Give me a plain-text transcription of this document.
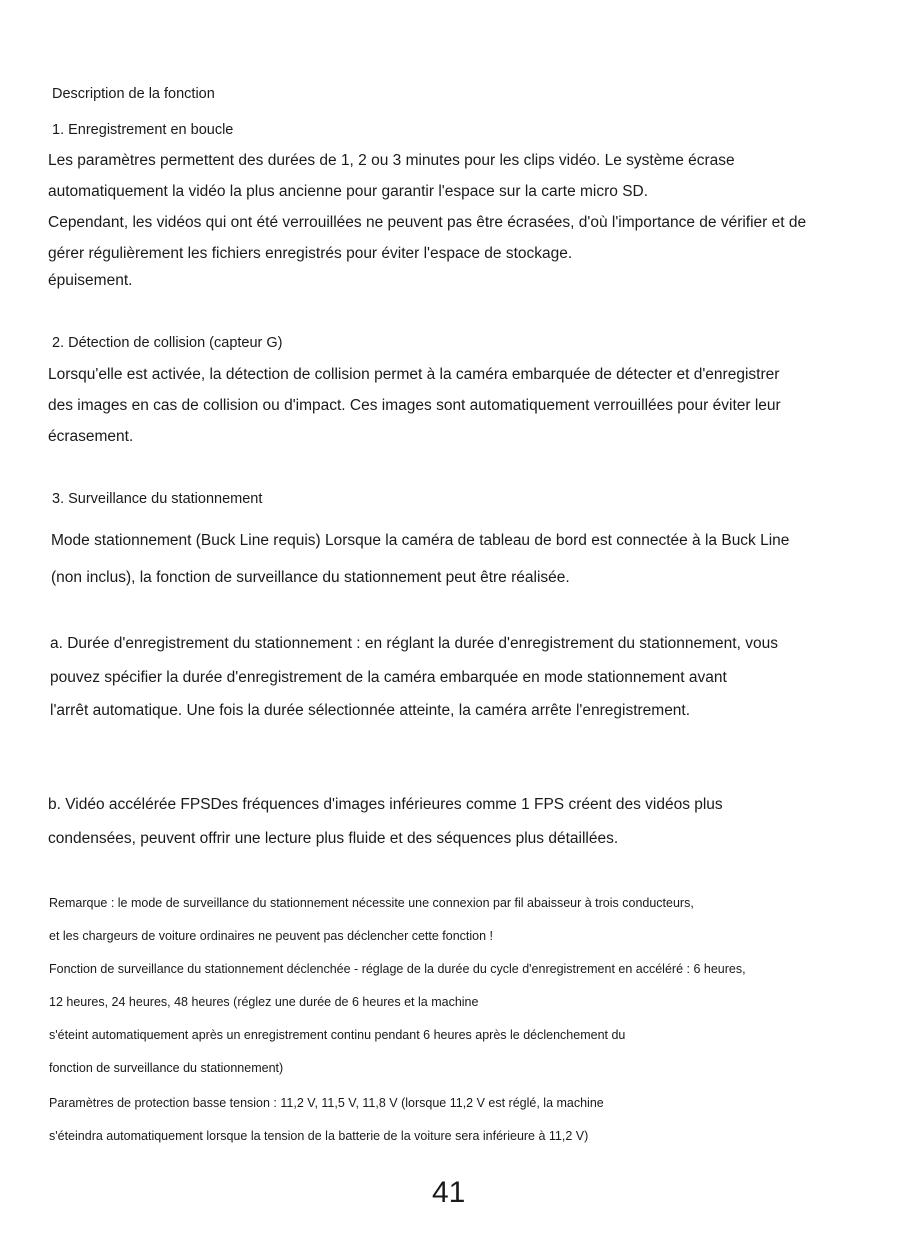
Description de la fonction

1. Enregistrement en boucle

Les paramètres permettent des durées de 1, 2 ou 3 minutes pour les clips vidéo. Le système écrase

automatiquement la vidéo la plus ancienne pour garantir l'espace sur la carte micro SD.

Cependant, les vidéos qui ont été verrouillées ne peuvent pas être écrasées, d'où l'importance de vérifier et de

gérer régulièrement les fichiers enregistrés pour éviter l'espace de stockage.

épuisement.

2. Détection de collision (capteur G)

Lorsqu'elle est activée, la détection de collision permet à la caméra embarquée de détecter et d'enregistrer

des images en cas de collision ou d'impact. Ces images sont automatiquement verrouillées pour éviter leur

écrasement.

3. Surveillance du stationnement

Mode stationnement (Buck Line requis) Lorsque la caméra de tableau de bord est connectée à la Buck Line

(non inclus), la fonction de surveillance du stationnement peut être réalisée.

a. Durée d'enregistrement du stationnement : en réglant la durée d'enregistrement du stationnement, vous

pouvez spécifier la durée d'enregistrement de la caméra embarquée en mode stationnement avant

l'arrêt automatique. Une fois la durée sélectionnée atteinte, la caméra arrête l'enregistrement.

b. Vidéo accélérée FPSDes fréquences d'images inférieures comme 1 FPS créent des vidéos plus

condensées, peuvent offrir une lecture plus fluide et des séquences plus détaillées.

Remarque : le mode de surveillance du stationnement nécessite une connexion par fil abaisseur à trois conducteurs,

et les chargeurs de voiture ordinaires ne peuvent pas déclencher cette fonction !

Fonction de surveillance du stationnement déclenchée - réglage de la durée du cycle d'enregistrement en accéléré : 6 heures,

12 heures, 24 heures, 48 heures (réglez une durée de 6 heures et la machine

s'éteint automatiquement après un enregistrement continu pendant 6 heures après le déclenchement du

fonction de surveillance du stationnement)

Paramètres de protection basse tension : 11,2 V, 11,5 V, 11,8 V (lorsque 11,2 V est réglé, la machine

s'éteindra automatiquement lorsque la tension de la batterie de la voiture sera inférieure à 11,2 V)

41
